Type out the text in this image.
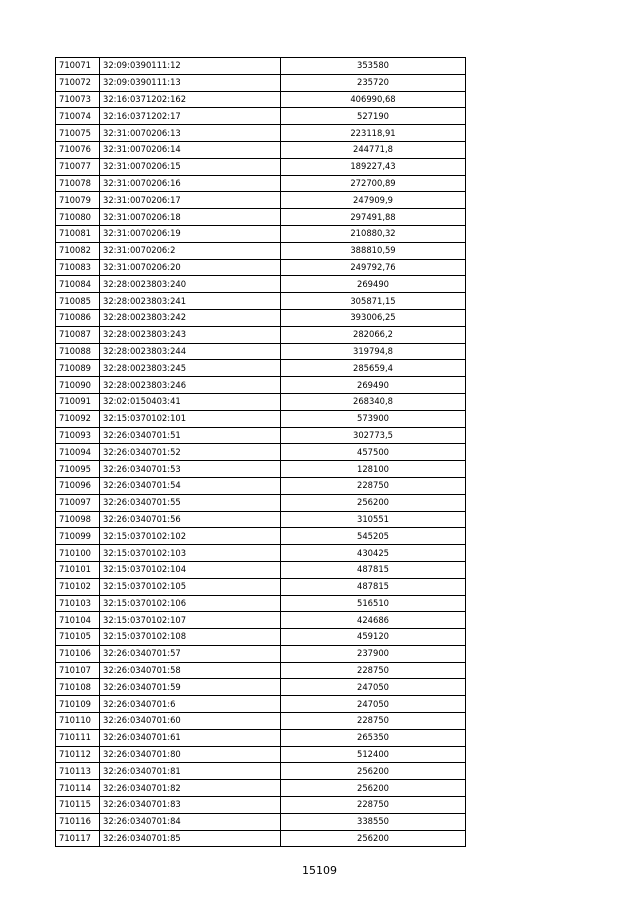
710071	32:09:0390111:12	353580
710072	32:09:0390111:13	235720
710073	32:16:0371202:162	406990,68
710074	32:16:0371202:17	527190
710075	32:31:0070206:13	223118,91
710076	32:31:0070206:14	244771,8
710077	32:31:0070206:15	189227,43
710078	32:31:0070206:16	272700,89
710079	32:31:0070206:17	247909,9
710080	32:31:0070206:18	297491,88
710081	32:31:0070206:19	210880,32
710082	32:31:0070206:2	388810,59
710083	32:31:0070206:20	249792,76
710084	32:28:0023803:240	269490
710085	32:28:0023803:241	305871,15
710086	32:28:0023803:242	393006,25
710087	32:28:0023803:243	282066,2
710088	32:28:0023803:244	319794,8
710089	32:28:0023803:245	285659,4
710090	32:28:0023803:246	269490
710091	32:02:0150403:41	268340,8
710092	32:15:0370102:101	573900
710093	32:26:0340701:51	302773,5
710094	32:26:0340701:52	457500
710095	32:26:0340701:53	128100
710096	32:26:0340701:54	228750
710097	32:26:0340701:55	256200
710098	32:26:0340701:56	310551
710099	32:15:0370102:102	545205
710100	32:15:0370102:103	430425
710101	32:15:0370102:104	487815
710102	32:15:0370102:105	487815
710103	32:15:0370102:106	516510
710104	32:15:0370102:107	424686
710105	32:15:0370102:108	459120
710106	32:26:0340701:57	237900
710107	32:26:0340701:58	228750
710108	32:26:0340701:59	247050
710109	32:26:0340701:6	247050
710110	32:26:0340701:60	228750
710111	32:26:0340701:61	265350
710112	32:26:0340701:80	512400
710113	32:26:0340701:81	256200
710114	32:26:0340701:82	256200
710115	32:26:0340701:83	228750
710116	32:26:0340701:84	338550
710117	32:26:0340701:85	256200
15109
